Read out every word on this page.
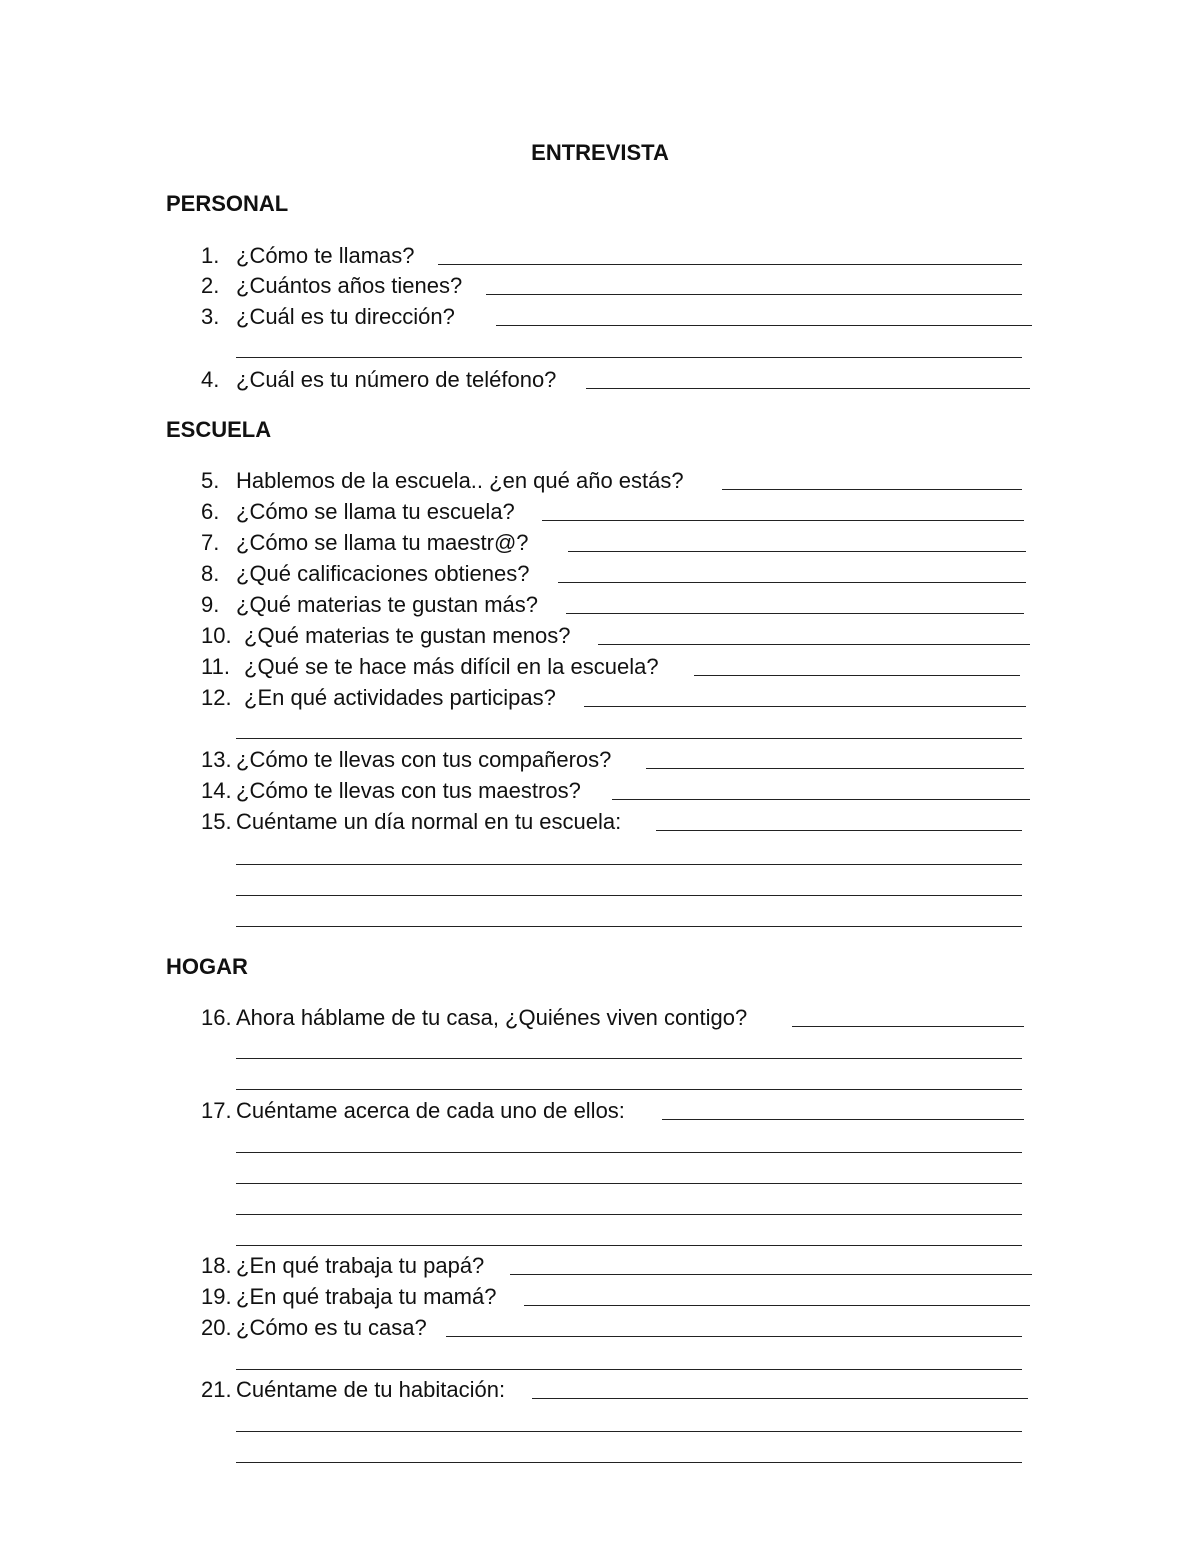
ENTREVISTA
PERSONAL
1. ¿Cómo te llamas?
2. ¿Cuántos años tienes?
3. ¿Cuál es tu dirección?
4. ¿Cuál es tu número de teléfono?
ESCUELA
5. Hablemos de la escuela.. ¿en qué año estás?
6. ¿Cómo se llama tu escuela?
7. ¿Cómo se llama tu maestr@?
8. ¿Qué calificaciones obtienes?
9. ¿Qué materias te gustan más?
10. ¿Qué materias te gustan menos?
11. ¿Qué se te hace más difícil en la escuela?
12. ¿En qué actividades participas?
13. ¿Cómo te llevas con tus compañeros?
14. ¿Cómo te llevas con tus maestros?
15. Cuéntame un día normal en tu escuela:
HOGAR
16. Ahora háblame de tu casa, ¿Quiénes viven contigo?
17. Cuéntame acerca de cada uno de ellos:
18. ¿En qué trabaja tu papá?
19. ¿En qué trabaja tu mamá?
20. ¿Cómo es tu casa?
21. Cuéntame de tu habitación:
